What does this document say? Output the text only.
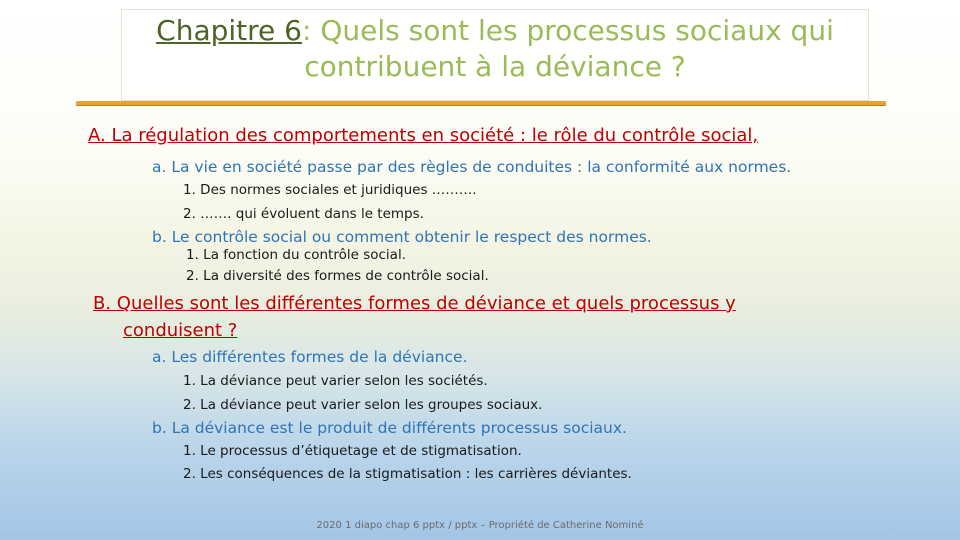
Chapitre 6: Quels sont les processus sociaux qui
contribuent à la déviance ?
A. La régulation des comportements en société : le rôle du contrôle social,
a. La vie en société passe par des règles de conduites : la conformité aux normes.
1. Des normes sociales et juridiques ……….
2. ……. qui évoluent dans le temps.
b. Le contrôle social ou comment obtenir le respect des normes.
1. La fonction du contrôle social.
2. La diversité des formes de contrôle social.
B. Quelles sont les différentes formes de déviance et quels processus y
conduisent ?
a. Les différentes formes de la déviance.
1. La déviance peut varier selon les sociétés.
2. La déviance peut varier selon les groupes sociaux.
b. La déviance est le produit de différents processus sociaux.
1. Le processus d’étiquetage et de stigmatisation.
2. Les conséquences de la stigmatisation : les carrières déviantes.
2020 1 diapo chap 6 pptx / pptx – Propriété de Catherine Nominé
